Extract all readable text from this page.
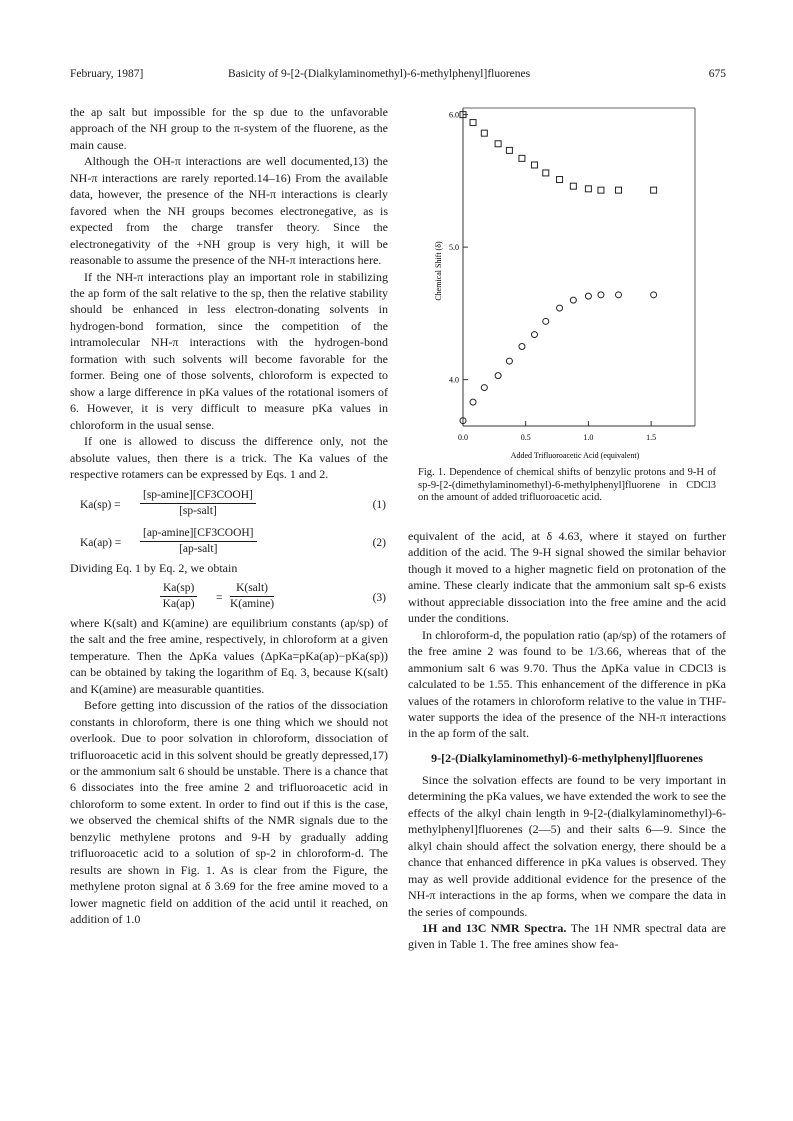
February, 1987]	Basicity of 9-[2-(Dialkylaminomethyl)-6-methylphenyl]fluorenes	675

the ap salt but impossible for the sp due to the unfavorable approach of the NH group to the π-system of the fluorene, as the main cause.

Although the OH-π interactions are well documented,13) the NH-π interactions are rarely reported.14–16) From the available data, however, the presence of the NH-π interactions is clearly favored when the NH groups becomes electronegative, as is expected from the charge transfer theory. Since the electronegativity of the +NH group is very high, it will be reasonable to assume the presence of the NH-π interactions here.

If the NH-π interactions play an important role in stabilizing the ap form of the salt relative to the sp, then the relative stability should be enhanced in less electron-donating solvents in hydrogen-bond formation, since the competition of the intramolecular NH-π interactions with the hydrogen-bond formation with such solvents will become favorable for the former. Being one of those solvents, chloroform is expected to show a large difference in pKa values of the rotational isomers of 6. However, it is very difficult to measure pKa values in chloroform in the usual sense.

If one is allowed to discuss the difference only, not the absolute values, then there is a trick. The Ka values of the respective rotamers can be expressed by Eqs. 1 and 2.

Ka(sp) =
[sp-amine][CF3COOH]
[sp-salt]	(1)
Ka(ap) =
[ap-amine][CF3COOH]
[ap-salt]	(2)

Dividing Eq. 1 by Eq. 2, we obtain

$\frac{Ka(sp)}{Ka(ap)}$ =
K(salt)
K(amine)	(3)

where K(salt) and K(amine) are equilibrium constants (ap/sp) of the salt and the free amine, respectively, in chloroform at a given temperature. Then the ΔpKa values (ΔpKa=pKa(ap)−pKa(sp)) can be obtained by taking the logarithm of Eq. 3, because K(salt) and K(amine) are measurable quantities.

Before getting into discussion of the ratios of the dissociation constants in chloroform, there is one thing which we should not overlook. Due to poor solvation in chloroform, dissociation of trifluoroacetic acid in this solvent should be greatly depressed,17) or the ammonium salt 6 should be unstable. There is a chance that 6 dissociates into the free amine 2 and trifluoroacetic acid in chloroform to some extent. In order to find out if this is the case, we observed the chemical shifts of the NMR signals due to the benzylic methylene protons and 9-H by gradually adding trifluoroacetic acid to a solution of sp-2 in chloroform-d. The results are shown in Fig. 1. As is clear from the Figure, the methylene proton signal at δ 3.69 for the free amine moved to a lower magnetic field on addition of the acid until it reached, on addition of 1.0

0.0	0.5	1.0	1.5
4.0
5.0
6.0
Chemical Shift (δ)
Added Trifluoroacetic Acid (equivalent)
Fig. 1. Dependence of chemical shifts of benzylic protons and 9-H of sp-9-[2-(dimethylaminomethyl)-6-methylphenyl]fluorene in CDCl3 on the amount of added trifluoroacetic acid.

equivalent of the acid, at δ 4.63, where it stayed on further addition of the acid. The 9-H signal showed the similar behavior though it moved to a higher magnetic field on protonation of the amine. These clearly indicate that the ammonium salt sp-6 exists without appreciable dissociation into the free amine and the acid under the conditions.

In chloroform-d, the population ratio (ap/sp) of the rotamers of the free amine 2 was found to be 1/3.66, whereas that of the ammonium salt 6 was 9.70. Thus the ΔpKa value in CDCl3 is calculated to be 1.55. This enhancement of the difference in pKa values of the rotamers in chloroform relative to the value in THF-water supports the idea of the presence of the NH-π interactions in the ap form of the salt.

9-[2-(Dialkylaminomethyl)-6-methylphenyl]fluorenes

Since the solvation effects are found to be very important in determining the pKa values, we have extended the work to see the effects of the alkyl chain length in 9-[2-(dialkylaminomethyl)-6-methylphenyl]fluorenes (2—5) and their salts 6—9. Since the alkyl chain should affect the solvation energy, there should be a chance that enhanced difference in pKa values is observed. They may as well provide additional evidence for the presence of the NH-π interactions in the ap forms, when we compare the data in the series of compounds.

1H and 13C NMR Spectra. The 1H NMR spectral data are given in Table 1. The free amines show fea-
